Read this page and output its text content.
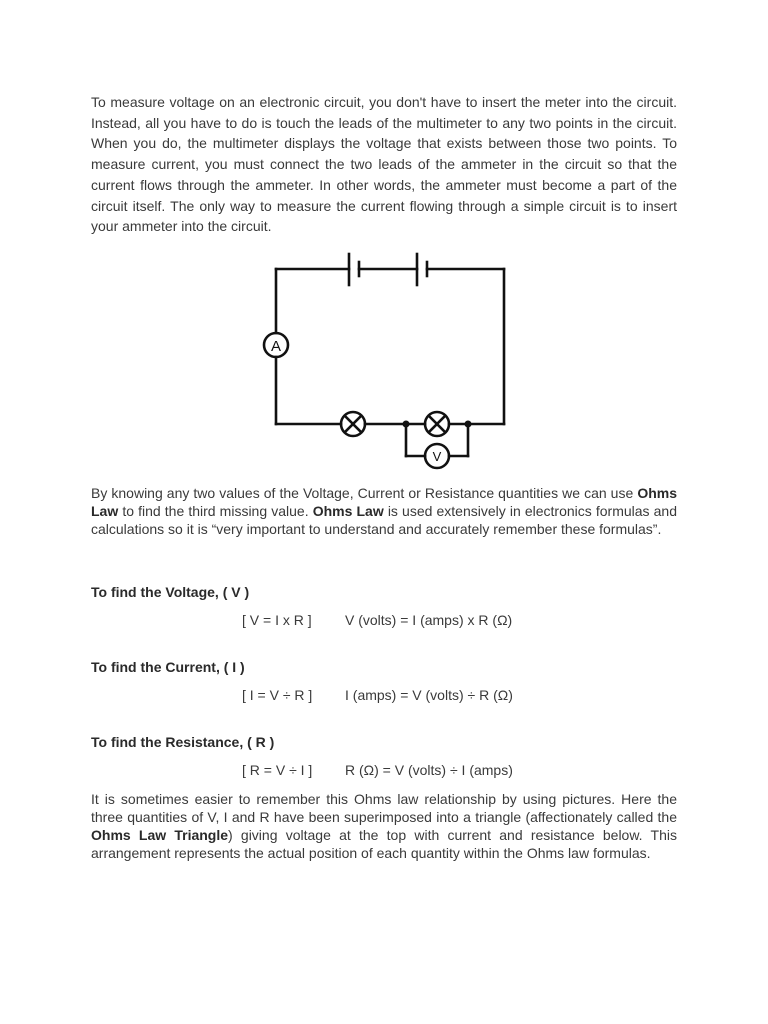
To measure voltage on an electronic circuit, you don't have to insert the meter into the circuit. Instead, all you have to do is touch the leads of the multimeter to any two points in the circuit. When you do, the multimeter displays the voltage that exists between those two points. To measure current, you must connect the two leads of the ammeter in the circuit so that the current flows through the ammeter. In other words, the ammeter must become a part of the circuit itself. The only way to measure the current flowing through a simple circuit is to insert your ammeter into the circuit.

A
V

By knowing any two values of the Voltage, Current or Resistance quantities we can use Ohms Law to find the third missing value. Ohms Law is used extensively in electronics formulas and calculations so it is “very important to understand and accurately remember these formulas”.

To find the Voltage, ( V )

[ V = I x R ] V (volts) = I (amps) x R (Ω)

To find the Current, ( I )

[ I = V ÷ R ] I (amps) = V (volts) ÷ R (Ω)

To find the Resistance, ( R )

[ R = V ÷ I ] R (Ω) = V (volts) ÷ I (amps)

It is sometimes easier to remember this Ohms law relationship by using pictures. Here the three quantities of V, I and R have been superimposed into a triangle (affectionately called the Ohms Law Triangle) giving voltage at the top with current and resistance below. This arrangement represents the actual position of each quantity within the Ohms law formulas.
